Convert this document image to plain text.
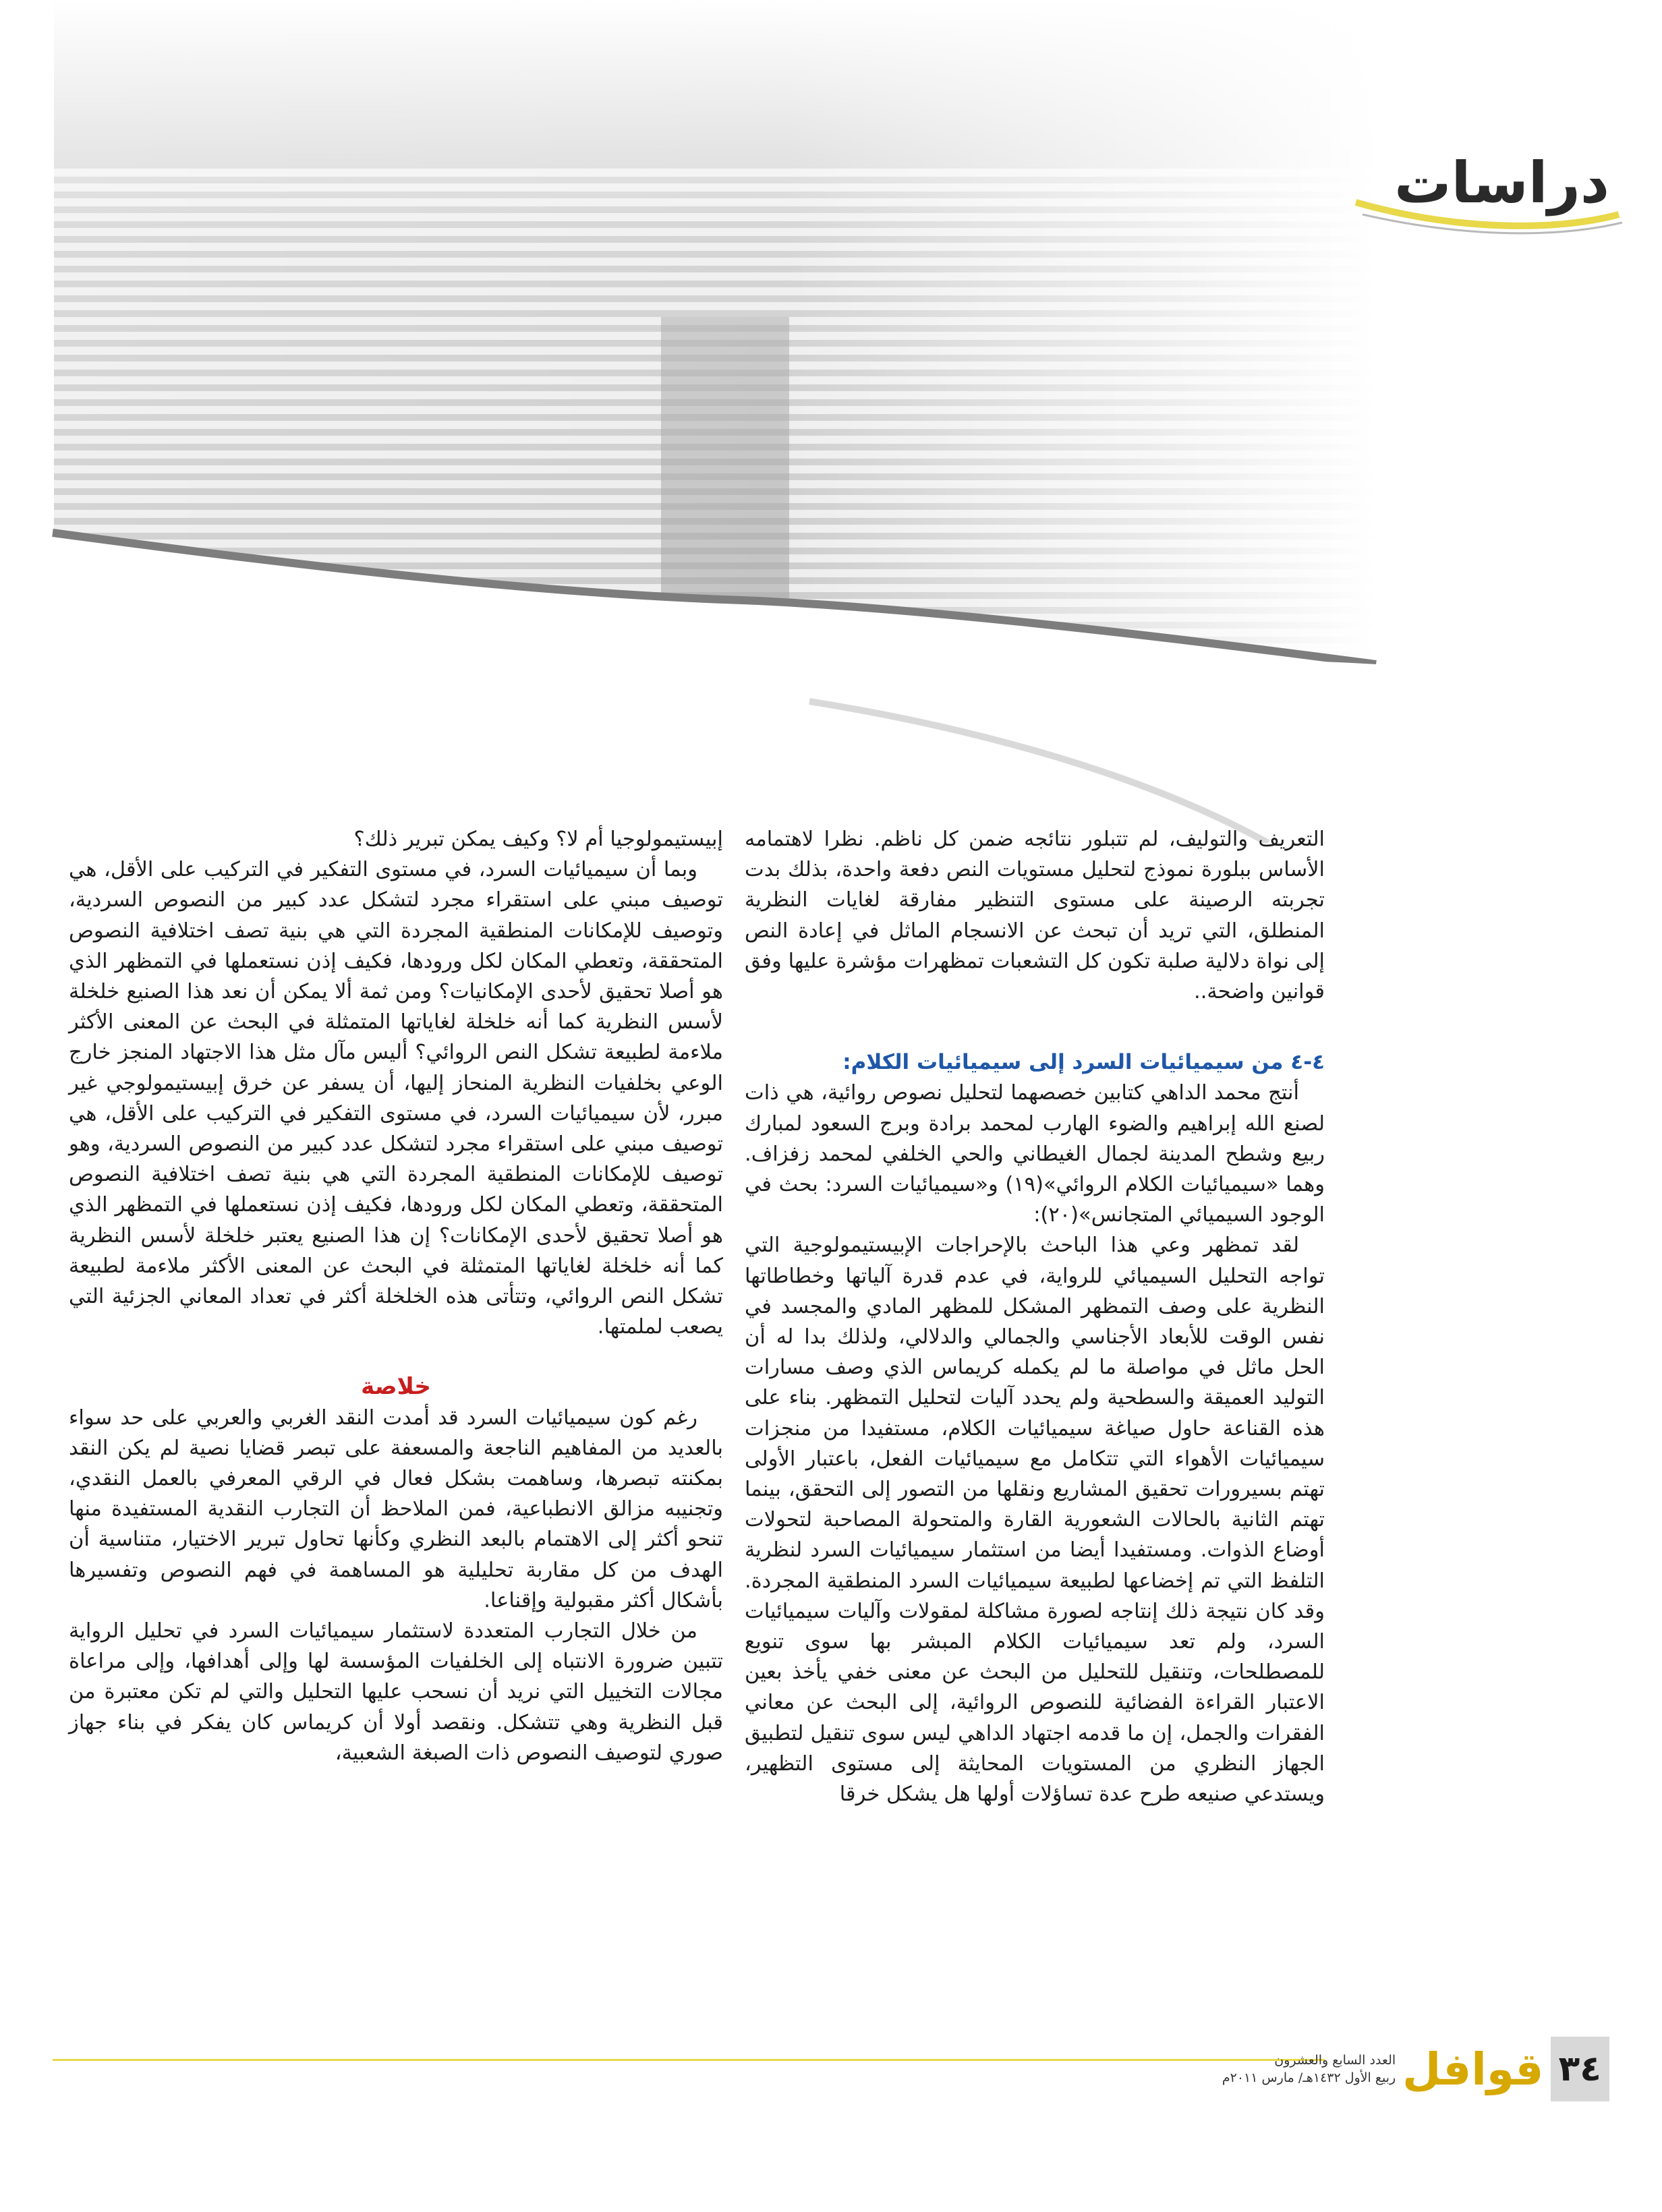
دراسات

التعريف والتوليف، لم تتبلور نتائجه ضمن كل ناظم. نظرا لاهتمامه الأساس ببلورة نموذج لتحليل مستويات النص دفعة واحدة، بذلك بدت تجربته الرصينة على مستوى التنظير مفارقة لغايات النظرية المنطلق، التي تريد أن تبحث عن الانسجام الماثل في إعادة النص إلى نواة دلالية صلبة تكون كل التشعبات تمظهرات مؤشرة عليها وفق قوانين واضحة..

٤-٤ من سيميائيات السرد إلى سيميائيات الكلام:

أنتج محمد الداهي كتابين خصصهما لتحليل نصوص روائية، هي ذات لصنع الله إبراهيم والضوء الهارب لمحمد برادة وبرج السعود لمبارك ربيع وشطح المدينة لجمال الغيطاني والحي الخلفي لمحمد زفزاف. وهما «سيميائيات الكلام الروائي»(١٩) و«سيميائيات السرد: بحث في الوجود السيميائي المتجانس»(٢٠):

لقد تمظهر وعي هذا الباحث بالإحراجات الإبيستيمولوجية التي تواجه التحليل السيميائي للرواية، في عدم قدرة آلياتها وخطاطاتها النظرية على وصف التمظهر المشكل للمظهر المادي والمجسد في نفس الوقت للأبعاد الأجناسي والجمالي والدلالي، ولذلك بدا له أن الحل ماثل في مواصلة ما لم يكمله كريماس الذي وصف مسارات التوليد العميقة والسطحية ولم يحدد آليات لتحليل التمظهر. بناء على هذه القناعة حاول صياغة سيميائيات الكلام، مستفيدا من منجزات سيميائيات الأهواء التي تتكامل مع سيميائيات الفعل، باعتبار الأولى تهتم بسيرورات تحقيق المشاريع ونقلها من التصور إلى التحقق، بينما تهتم الثانية بالحالات الشعورية القارة والمتحولة المصاحبة لتحولات أوضاع الذوات. ومستفيدا أيضا من استثمار سيميائيات السرد لنظرية التلفظ التي تم إخضاعها لطبيعة سيميائيات السرد المنطقية المجردة. وقد كان نتيجة ذلك إنتاجه لصورة مشاكلة لمقولات وآليات سيميائيات السرد، ولم تعد سيميائيات الكلام المبشر بها سوى تنويع للمصطلحات، وتنقيل للتحليل من البحث عن معنى خفي يأخذ بعين الاعتبار القراءة الفضائية للنصوص الروائية، إلى البحث عن معاني الفقرات والجمل، إن ما قدمه اجتهاد الداهي ليس سوى تنقيل لتطبيق الجهاز النظري من المستويات المحايثة إلى مستوى التظهير، ويستدعي صنيعه طرح عدة تساؤلات أولها هل يشكل خرقا

إبيستيمولوجيا أم لا؟ وكيف يمكن تبرير ذلك؟

وبما أن سيميائيات السرد، في مستوى التفكير في التركيب على الأقل، هي توصيف مبني على استقراء مجرد لتشكل عدد كبير من النصوص السردية، وتوصيف للإمكانات المنطقية المجردة التي هي بنية تصف اختلافية النصوص المتحققة، وتعطي المكان لكل ورودها، فكيف إذن نستعملها في التمظهر الذي هو أصلا تحقيق لأحدى الإمكانيات؟ ومن ثمة ألا يمكن أن نعد هذا الصنيع خلخلة لأسس النظرية كما أنه خلخلة لغاياتها المتمثلة في البحث عن المعنى الأكثر ملاءمة لطبيعة تشكل النص الروائي؟ أليس مآل مثل هذا الاجتهاد المنجز خارج الوعي بخلفيات النظرية المنحاز إليها، أن يسفر عن خرق إبيستيمولوجي غير مبرر، لأن سيميائيات السرد، في مستوى التفكير في التركيب على الأقل، هي توصيف مبني على استقراء مجرد لتشكل عدد كبير من النصوص السردية، وهو توصيف للإمكانات المنطقية المجردة التي هي بنية تصف اختلافية النصوص المتحققة، وتعطي المكان لكل ورودها، فكيف إذن نستعملها في التمظهر الذي هو أصلا تحقيق لأحدى الإمكانات؟ إن هذا الصنيع يعتبر خلخلة لأسس النظرية كما أنه خلخلة لغاياتها المتمثلة في البحث عن المعنى الأكثر ملاءمة لطبيعة تشكل النص الروائي، وتتأتى هذه الخلخلة أكثر في تعداد المعاني الجزئية التي يصعب لملمتها.

خلاصة

رغم كون سيميائيات السرد قد أمدت النقد الغربي والعربي على حد سواء بالعديد من المفاهيم الناجعة والمسعفة على تبصر قضايا نصية لم يكن النقد بمكنته تبصرها، وساهمت بشكل فعال في الرقي المعرفي بالعمل النقدي، وتجنيبه مزالق الانطباعية، فمن الملاحظ أن التجارب النقدية المستفيدة منها تنحو أكثر إلى الاهتمام بالبعد النظري وكأنها تحاول تبرير الاختيار، متناسية أن الهدف من كل مقاربة تحليلية هو المساهمة في فهم النصوص وتفسيرها بأشكال أكثر مقبولية وإقناعا.

من خلال التجارب المتعددة لاستثمار سيميائيات السرد في تحليل الرواية تتبين ضرورة الانتباه إلى الخلفيات المؤسسة لها وإلى أهدافها، وإلى مراعاة مجالات التخييل التي نريد أن نسحب عليها التحليل والتي لم تكن معتبرة من قبل النظرية وهي تتشكل. ونقصد أولا أن كريماس كان يفكر في بناء جهاز صوري لتوصيف النصوص ذات الصبغة الشعبية،

٣٤
قوافل
العدد السابع والعشرون
ربيع الأول ١٤٣٢هـ/ مارس ٢٠١١م
